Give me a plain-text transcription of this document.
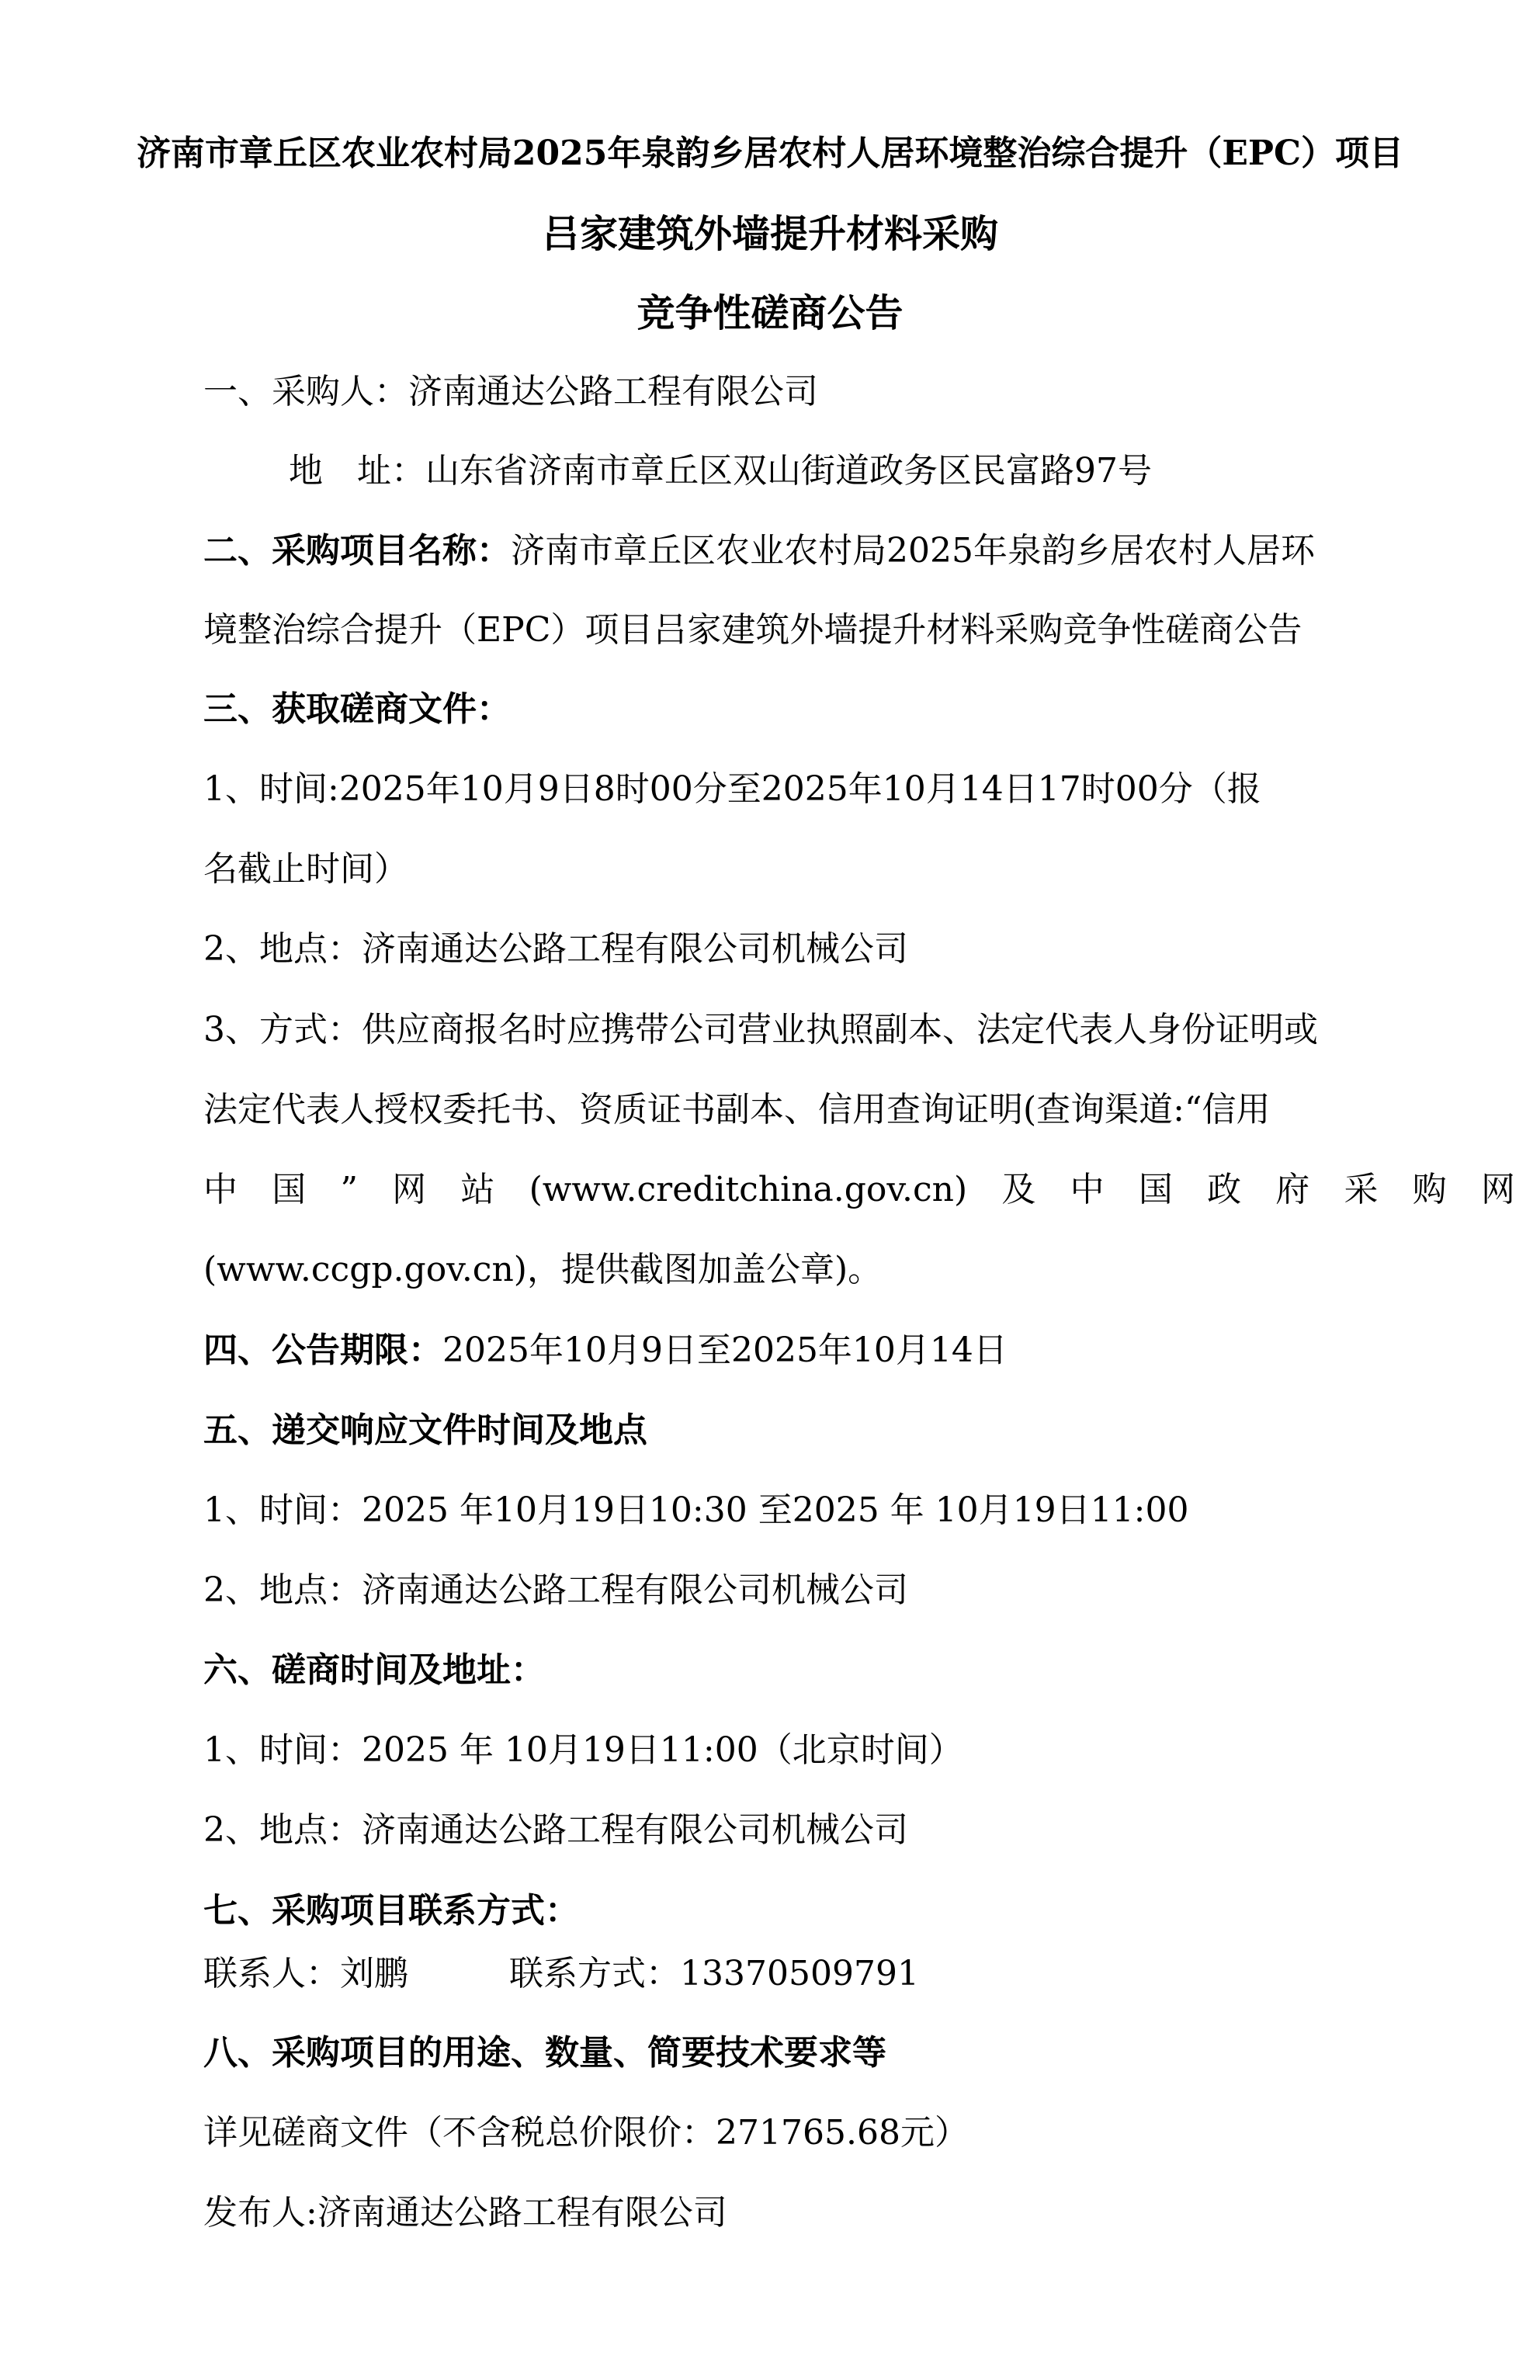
济南市章丘区农业农村局2025年泉韵乡居农村人居环境整治综合提升（EPC）项目
吕家建筑外墙提升材料采购
竞争性磋商公告
一、采购人：济南通达公路工程有限公司
地　址：山东省济南市章丘区双山街道政务区民富路97号
二、采购项目名称：济南市章丘区农业农村局2025年泉韵乡居农村人居环
境整治综合提升（EPC）项目吕家建筑外墙提升材料采购竞争性磋商公告
三、获取磋商文件：
1、时间:2025年10月9日8时00分至2025年10月14日17时00分（报
名截止时间）
2、地点：济南通达公路工程有限公司机械公司
3、方式：供应商报名时应携带公司营业执照副本、法定代表人身份证明或
法定代表人授权委托书、资质证书副本、信用查询证明(查询渠道:“信用
中 国 ” 网 站 (www.creditchina.gov.cn) 及 中 国 政 府 采 购 网
(www.ccgp.gov.cn)，提供截图加盖公章)。
四、公告期限：2025年10月9日至2025年10月14日
五、递交响应文件时间及地点
1、时间：2025 年10月19日10:30 至2025 年 10月19日11:00
2、地点：济南通达公路工程有限公司机械公司
六、磋商时间及地址：
1、时间：2025 年 10月19日11:00（北京时间）
2、地点：济南通达公路工程有限公司机械公司
七、采购项目联系方式：
联系人：刘鹏	联系方式：13370509791
八、采购项目的用途、数量、简要技术要求等
详见磋商文件（不含税总价限价：271765.68元）
发布人:济南通达公路工程有限公司
